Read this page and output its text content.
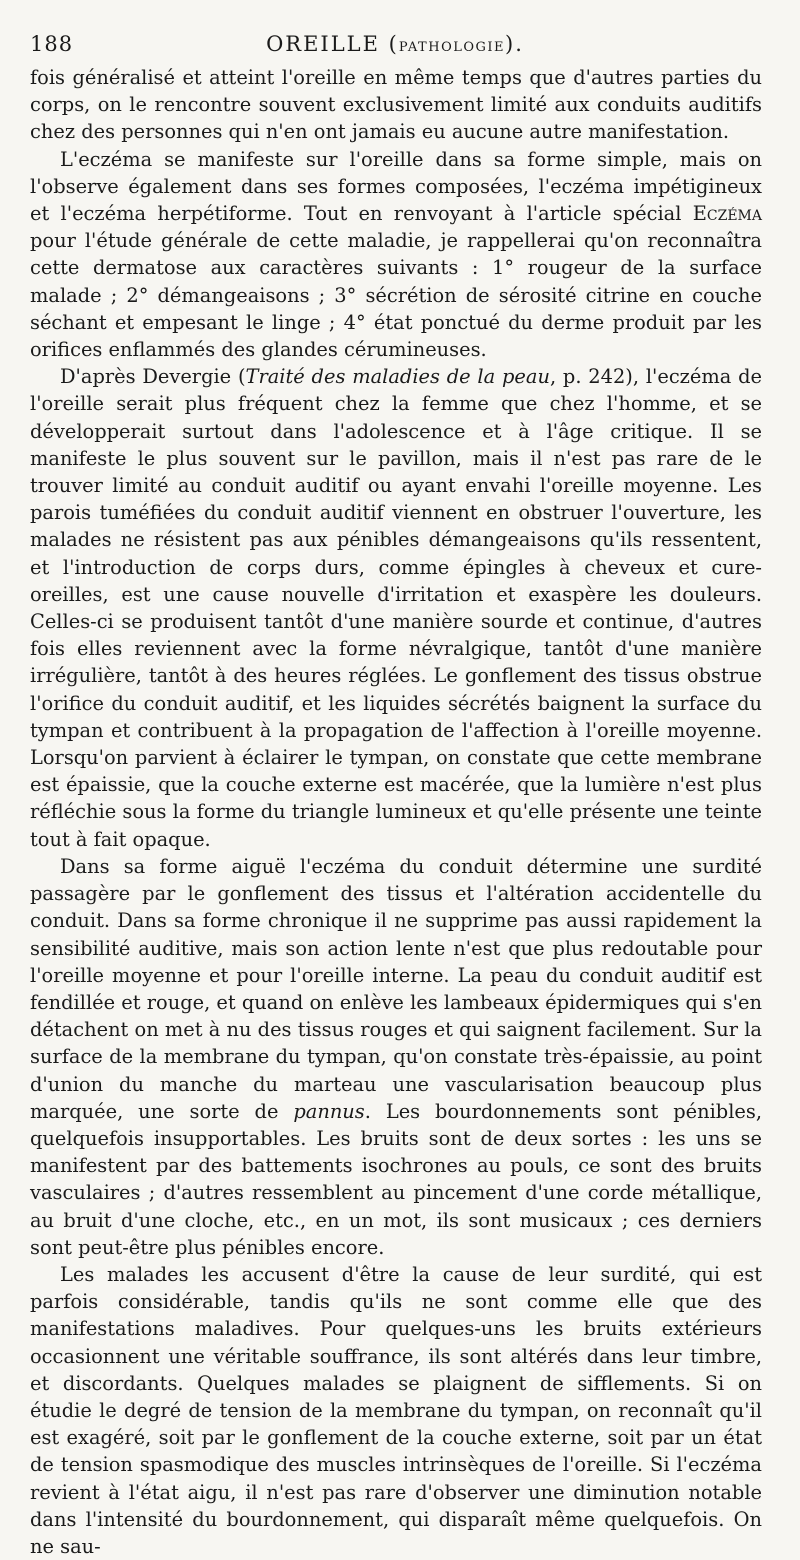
188	OREILLE (PATHOLOGIE).

fois généralisé et atteint l'oreille en même temps que d'autres parties du corps, on le rencontre souvent exclusivement limité aux conduits auditifs chez des personnes qui n'en ont jamais eu aucune autre manifestation.

L'eczéma se manifeste sur l'oreille dans sa forme simple, mais on l'observe également dans ses formes composées, l'eczéma impétigineux et l'eczéma herpétiforme. Tout en renvoyant à l'article spécial Eczéma pour l'étude générale de cette maladie, je rappellerai qu'on reconnaîtra cette dermatose aux caractères suivants : 1° rougeur de la surface malade ; 2° démangeaisons ; 3° sécrétion de sérosité citrine en couche séchant et empesant le linge ; 4° état ponctué du derme produit par les orifices enflammés des glandes cérumineuses.

D'après Devergie (Traité des maladies de la peau, p. 242), l'eczéma de l'oreille serait plus fréquent chez la femme que chez l'homme, et se développerait surtout dans l'adolescence et à l'âge critique. Il se manifeste le plus souvent sur le pavillon, mais il n'est pas rare de le trouver limité au conduit auditif ou ayant envahi l'oreille moyenne. Les parois tuméfiées du conduit auditif viennent en obstruer l'ouverture, les malades ne résistent pas aux pénibles démangeaisons qu'ils ressentent, et l'introduction de corps durs, comme épingles à cheveux et cure-oreilles, est une cause nouvelle d'irritation et exaspère les douleurs. Celles-ci se produisent tantôt d'une manière sourde et continue, d'autres fois elles reviennent avec la forme névralgique, tantôt d'une manière irrégulière, tantôt à des heures réglées. Le gonflement des tissus obstrue l'orifice du conduit auditif, et les liquides sécrétés baignent la surface du tympan et contribuent à la propagation de l'affection à l'oreille moyenne. Lorsqu'on parvient à éclairer le tympan, on constate que cette membrane est épaissie, que la couche externe est macérée, que la lumière n'est plus réfléchie sous la forme du triangle lumineux et qu'elle présente une teinte tout à fait opaque.

Dans sa forme aiguë l'eczéma du conduit détermine une surdité passagère par le gonflement des tissus et l'altération accidentelle du conduit. Dans sa forme chronique il ne supprime pas aussi rapidement la sensibilité auditive, mais son action lente n'est que plus redoutable pour l'oreille moyenne et pour l'oreille interne. La peau du conduit auditif est fendillée et rouge, et quand on enlève les lambeaux épidermiques qui s'en détachent on met à nu des tissus rouges et qui saignent facilement. Sur la surface de la membrane du tympan, qu'on constate très-épaissie, au point d'union du manche du marteau une vascularisation beaucoup plus marquée, une sorte de pannus. Les bourdonnements sont pénibles, quelquefois insupportables. Les bruits sont de deux sortes : les uns se manifestent par des battements isochrones au pouls, ce sont des bruits vasculaires ; d'autres ressemblent au pincement d'une corde métallique, au bruit d'une cloche, etc., en un mot, ils sont musicaux ; ces derniers sont peut-être plus pénibles encore.

Les malades les accusent d'être la cause de leur surdité, qui est parfois considérable, tandis qu'ils ne sont comme elle que des manifestations maladives. Pour quelques-uns les bruits extérieurs occasionnent une véritable souffrance, ils sont altérés dans leur timbre, et discordants. Quelques malades se plaignent de sifflements. Si on étudie le degré de tension de la membrane du tympan, on reconnaît qu'il est exagéré, soit par le gonflement de la couche externe, soit par un état de tension spasmodique des muscles intrinsèques de l'oreille. Si l'eczéma revient à l'état aigu, il n'est pas rare d'observer une diminution notable dans l'intensité du bourdonnement, qui disparaît même quelquefois. On ne sau-
